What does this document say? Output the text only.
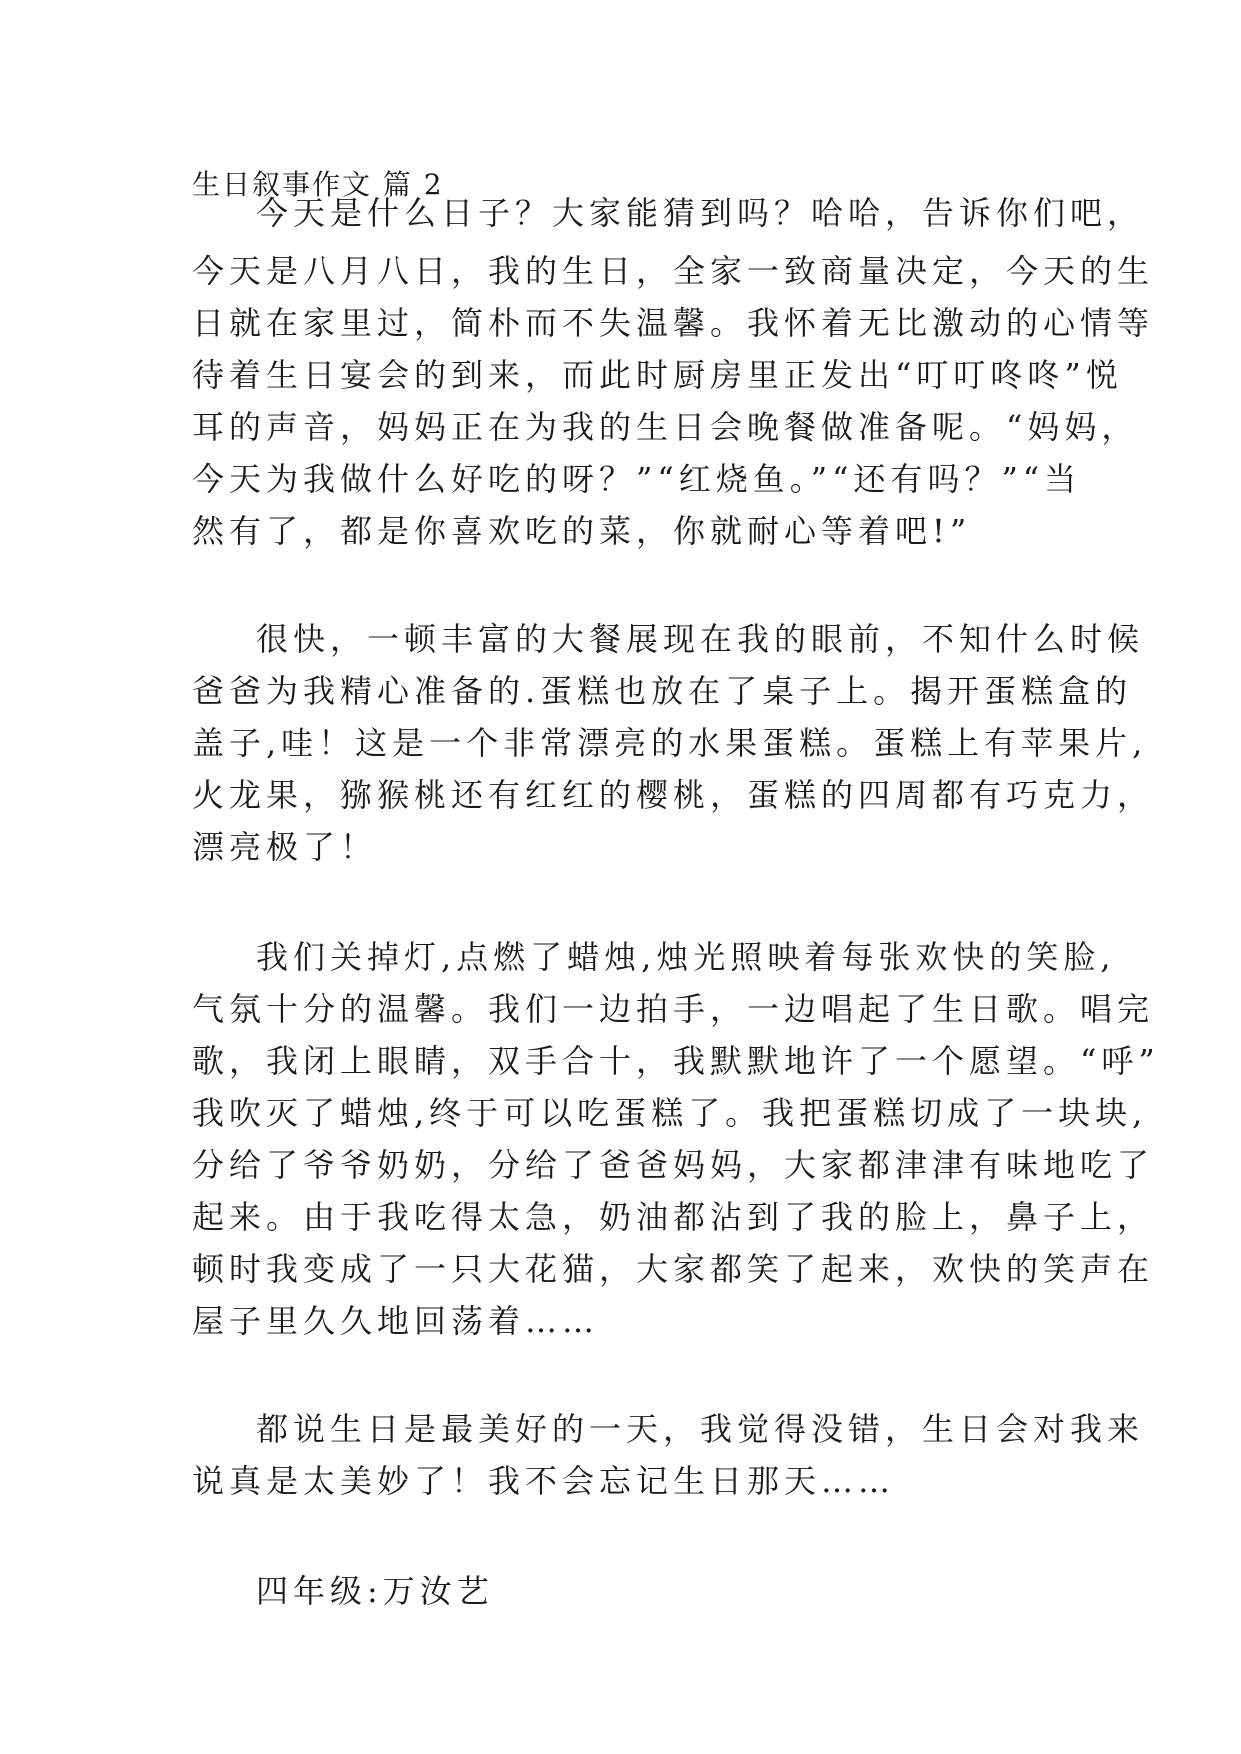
生日叙事作文 篇 2
今天是什么日子？大家能猜到吗？哈哈，告诉你们吧，
今天是八月八日，我的生日，全家一致商量决定，今天的生
日就在家里过，简朴而不失温馨。我怀着无比激动的心情等
待着生日宴会的到来，而此时厨房里正发出“叮叮咚咚”悦
耳的声音，妈妈正在为我的生日会晚餐做准备呢。“妈妈，
今天为我做什么好吃的呀？”“红烧鱼。”“还有吗？”“当
然有了，都是你喜欢吃的菜，你就耐心等着吧!”
很快，一顿丰富的大餐展现在我的眼前，不知什么时候
爸爸为我精心准备的.蛋糕也放在了桌子上。揭开蛋糕盒的
盖子,哇！这是一个非常漂亮的水果蛋糕。蛋糕上有苹果片,
火龙果，猕猴桃还有红红的樱桃，蛋糕的四周都有巧克力，
漂亮极了！
我们关掉灯,点燃了蜡烛,烛光照映着每张欢快的笑脸,
气氛十分的温馨。我们一边拍手，一边唱起了生日歌。唱完
歌，我闭上眼睛，双手合十，我默默地许了一个愿望。“呼”
我吹灭了蜡烛,终于可以吃蛋糕了。我把蛋糕切成了一块块,
分给了爷爷奶奶，分给了爸爸妈妈，大家都津津有味地吃了
起来。由于我吃得太急，奶油都沾到了我的脸上，鼻子上，
顿时我变成了一只大花猫，大家都笑了起来，欢快的笑声在
屋子里久久地回荡着……
都说生日是最美好的一天，我觉得没错，生日会对我来
说真是太美妙了！我不会忘记生日那天……
四年级:万汝艺
